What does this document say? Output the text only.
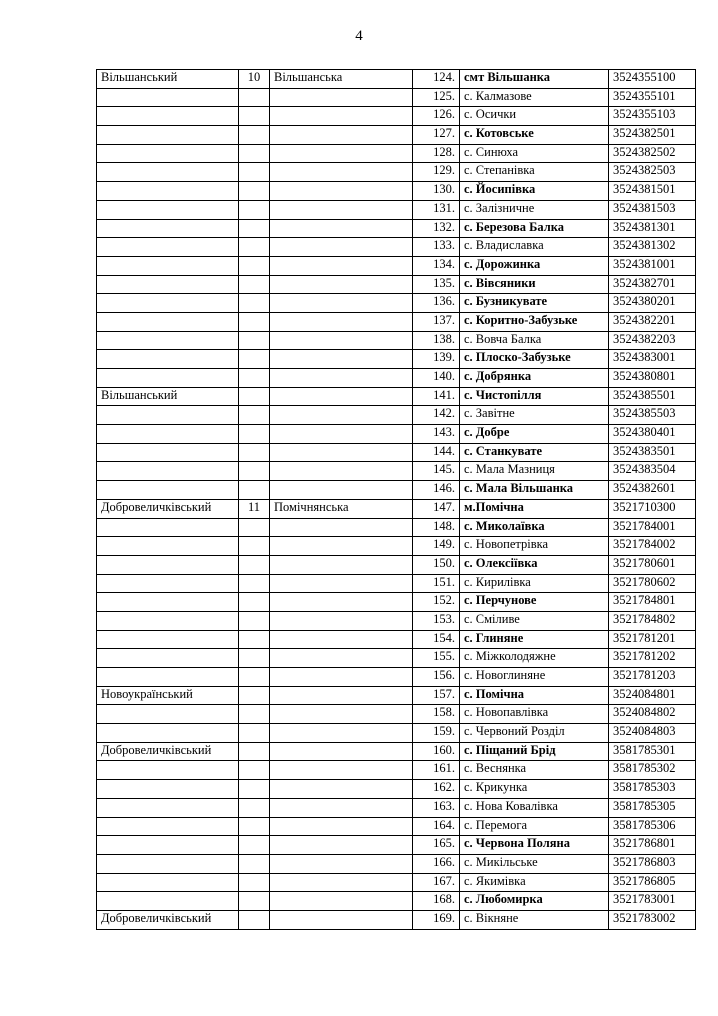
4
Вільшанський	10	Вільшанська	124.	смт Вільшанка	3524355100
			125.	с. Калмазове	3524355101
			126.	с. Осички	3524355103
			127.	с. Котовське	3524382501
			128.	с. Синюха	3524382502
			129.	с. Степанівка	3524382503
			130.	с. Йосипівка	3524381501
			131.	с. Залізничне	3524381503
			132.	с. Березова Балка	3524381301
			133.	с. Владиславка	3524381302
			134.	с. Дорожинка	3524381001
			135.	с. Вівсяники	3524382701
			136.	с. Бузникувате	3524380201
			137.	с. Коритно-Забузьке	3524382201
			138.	с. Вовча Балка	3524382203
			139.	с. Плоско-Забузьке	3524383001
			140.	с. Добрянка	3524380801
Вільшанський			141.	с. Чистопілля	3524385501
			142.	с. Завітне	3524385503
			143.	с. Добре	3524380401
			144.	с. Станкувате	3524383501
			145.	с. Мала Мазниця	3524383504
			146.	с. Мала Вільшанка	3524382601
Добровеличківський	11	Помічнянська	147.	м.Помічна	3521710300
			148.	с. Миколаївка	3521784001
			149.	с. Новопетрівка	3521784002
			150.	с. Олексіївка	3521780601
			151.	с. Кирилівка	3521780602
			152.	с. Перчунове	3521784801
			153.	с. Сміливе	3521784802
			154.	с. Глиняне	3521781201
			155.	с. Міжколодяжне	3521781202
			156.	с. Новоглиняне	3521781203
Новоукраїнський			157.	с. Помічна	3524084801
			158.	с. Новопавлівка	3524084802
			159.	с. Червоний Розділ	3524084803
Добровеличківський			160.	с. Піщаний Брід	3581785301
			161.	с. Веснянка	3581785302
			162.	с. Крикунка	3581785303
			163.	с. Нова Ковалівка	3581785305
			164.	с. Перемога	3581785306
			165.	с. Червона Поляна	3521786801
			166.	с. Микільське	3521786803
			167.	с. Якимівка	3521786805
			168.	с. Любомирка	3521783001
Добровеличківський			169.	с. Вікняне	3521783002
